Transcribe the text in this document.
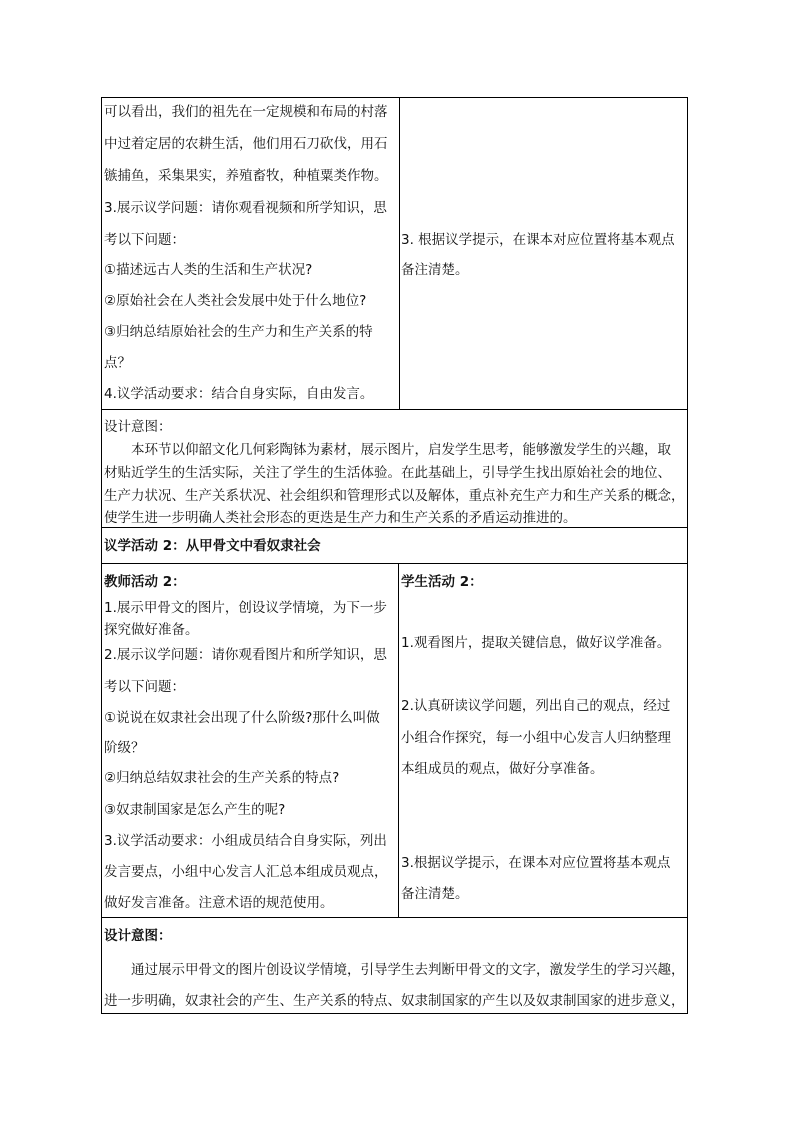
可以看出，我们的祖先在一定规模和布局的村落
中过着定居的农耕生活，他们用石刀砍伐，用石
镞捕鱼，采集果实，养殖畜牧，种植粟类作物。
3.展示议学问题：请你观看视频和所学知识，思
考以下问题：
①描述远古人类的生活和生产状况?
②原始社会在人类社会发展中处于什么地位?
③归纳总结原始社会的生产力和生产关系的特
点？
4.议学活动要求：结合自身实际，自由发言。
3. 根据议学提示，在课本对应位置将基本观点
备注清楚。
设计意图：
本环节以仰韶文化几何彩陶钵为素材，展示图片，启发学生思考，能够激发学生的兴趣，取
材贴近学生的生活实际，关注了学生的生活体验。在此基础上，引导学生找出原始社会的地位、
生产力状况、生产关系状况、社会组织和管理形式以及解体，重点补充生产力和生产关系的概念，
使学生进一步明确人类社会形态的更迭是生产力和生产关系的矛盾运动推进的。
议学活动 2：从甲骨文中看奴隶社会
教师活动 2：
1.展示甲骨文的图片，创设议学情境，为下一步
探究做好准备。
2.展示议学问题：请你观看图片和所学知识，思
考以下问题：
①说说在奴隶社会出现了什么阶级?那什么叫做
阶级？
②归纳总结奴隶社会的生产关系的特点?
③奴隶制国家是怎么产生的呢?
3.议学活动要求：小组成员结合自身实际，列出
发言要点，小组中心发言人汇总本组成员观点，
做好发言准备。注意术语的规范使用。
学生活动 2：
1.观看图片，提取关键信息，做好议学准备。
2.认真研读议学问题，列出自己的观点，经过
小组合作探究，每一小组中心发言人归纳整理
本组成员的观点，做好分享准备。
3.根据议学提示，在课本对应位置将基本观点
备注清楚。
设计意图：
通过展示甲骨文的图片创设议学情境，引导学生去判断甲骨文的文字，激发学生的学习兴趣，
进一步明确，奴隶社会的产生、生产关系的特点、奴隶制国家的产生以及奴隶制国家的进步意义，
